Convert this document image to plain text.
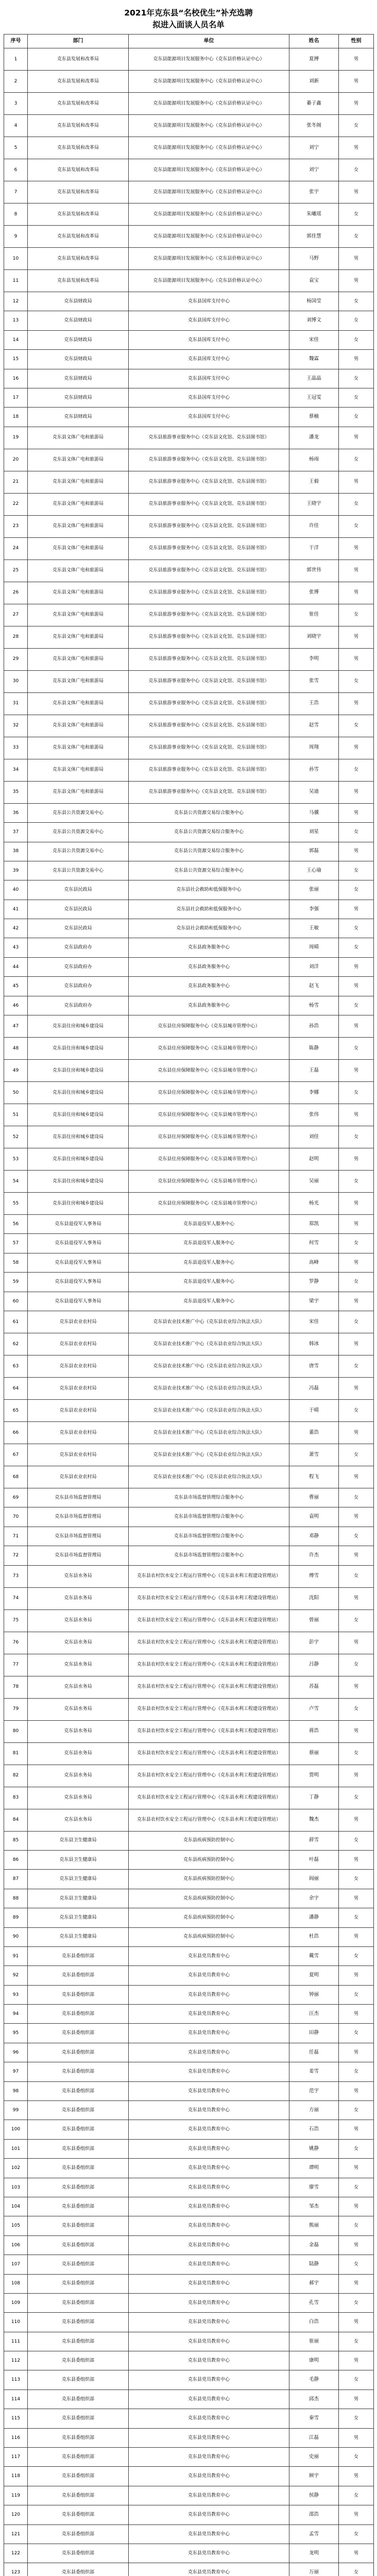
2021年克东县“名校优生”补充选聘
拟进入面谈人员名单
序号	部门	单位	姓名	性别
1	克东县发展和改革局	克东县能源项目发展服务中心（克东县价格认证中心）	夏搏	男
2	克东县发展和改革局	克东县能源项目发展服务中心（克东县价格认证中心）	刘新	男
3	克东县发展和改革局	克东县能源项目发展服务中心（克东县价格认证中心）	綦子鑫	男
4	克东县发展和改革局	克东县能源项目发展服务中心（克东县价格认证中心）	张冬阁	女
5	克东县发展和改革局	克东县能源项目发展服务中心（克东县价格认证中心）	刘宁	男
6	克东县发展和改革局	克东县能源项目发展服务中心（克东县价格认证中心）	刘宁	女
7	克东县发展和改革局	克东县能源项目发展服务中心（克东县价格认证中心）	张宇	男
8	克东县发展和改革局	克东县能源项目发展服务中心（克东县价格认证中心）	朱曦瑶	女
9	克东县发展和改革局	克东县能源项目发展服务中心（克东县价格认证中心）	郭佳慧	女
10	克东县发展和改革局	克东县能源项目发展服务中心（克东县价格认证中心）	马野	男
11	克东县发展和改革局	克东县能源项目发展服务中心（克东县价格认证中心）	袁宝	男
12	克东县财政局	克东县国库支付中心	杨国莹	女
13	克东县财政局	克东县国库支付中心	刘博文	女
14	克东县财政局	克东县国库支付中心	宋佳	女
15	克东县财政局	克东县国库支付中心	魏霖	男
16	克东县财政局	克东县国库支付中心	王晶晶	女
17	克东县财政局	克东县国库支付中心	王冠雯	女
18	克东县财政局	克东县国库支付中心	蔡楠	女
19	克东县文体广电和旅游局	克东县旅游事业服务中心（克东县文化馆、克东县图书馆）	潘龙	男
20	克东县文体广电和旅游局	克东县旅游事业服务中心（克东县文化馆、克东县图书馆）	杨雨	女
21	克东县文体广电和旅游局	克东县旅游事业服务中心（克东县文化馆、克东县图书馆）	王毅	男
22	克东县文体广电和旅游局	克东县旅游事业服务中心（克东县文化馆、克东县图书馆）	王晓宇	女
23	克东县文体广电和旅游局	克东县旅游事业服务中心（克东县文化馆、克东县图书馆）	许佳	女
24	克东县文体广电和旅游局	克东县旅游事业服务中心（克东县文化馆、克东县图书馆）	于洋	男
25	克东县文体广电和旅游局	克东县旅游事业服务中心（克东县文化馆、克东县图书馆）	郭世伟	男
26	克东县文体广电和旅游局	克东县旅游事业服务中心（克东县文化馆、克东县图书馆）	张博	男
27	克东县文体广电和旅游局	克东县旅游事业服务中心（克东县文化馆、克东县图书馆）	崔佳	女
28	克东县文体广电和旅游局	克东县旅游事业服务中心（克东县文化馆、克东县图书馆）	刘晓宇	男
29	克东县文体广电和旅游局	克东县旅游事业服务中心（克东县文化馆、克东县图书馆）	李明	男
30	克东县文体广电和旅游局	克东县旅游事业服务中心（克东县文化馆、克东县图书馆）	张雪	女
31	克东县文体广电和旅游局	克东县旅游事业服务中心（克东县文化馆、克东县图书馆）	王浩	男
32	克东县文体广电和旅游局	克东县旅游事业服务中心（克东县文化馆、克东县图书馆）	赵雪	女
33	克东县文体广电和旅游局	克东县旅游事业服务中心（克东县文化馆、克东县图书馆）	周翔	男
34	克东县文体广电和旅游局	克东县旅游事业服务中心（克东县文化馆、克东县图书馆）	孙雪	女
35	克东县文体广电和旅游局	克东县旅游事业服务中心（克东县文化馆、克东县图书馆）	吴迪	男
36	克东县公共资源交易中心	克东县公共资源交易综合服务中心	马骥	男
37	克东县公共资源交易中心	克东县公共资源交易综合服务中心	刘星	女
38	克东县公共资源交易中心	克东县公共资源交易综合服务中心	郭磊	男
39	克东县公共资源交易中心	克东县公共资源交易综合服务中心	王心瑜	女
40	克东县民政局	克东县社会救助和低保服务中心	张丽	女
41	克东县民政局	克东县社会救助和低保服务中心	李强	男
42	克东县民政局	克东县社会救助和低保服务中心	王敏	女
43	克东县政府办	克东县政务服务中心	周晴	女
44	克东县政府办	克东县政务服务中心	刘洋	男
45	克东县政府办	克东县政务服务中心	赵飞	男
46	克东县政府办	克东县政务服务中心	杨雪	女
47	克东县住房和城乡建设局	克东县住房保障服务中心（克东县城市管理中心）	孙浩	男
48	克东县住房和城乡建设局	克东县住房保障服务中心（克东县城市管理中心）	陈静	女
49	克东县住房和城乡建设局	克东县住房保障服务中心（克东县城市管理中心）	王磊	男
50	克东县住房和城乡建设局	克东县住房保障服务中心（克东县城市管理中心）	李娜	女
51	克东县住房和城乡建设局	克东县住房保障服务中心（克东县城市管理中心）	张伟	男
52	克东县住房和城乡建设局	克东县住房保障服务中心（克东县城市管理中心）	刘佳	女
53	克东县住房和城乡建设局	克东县住房保障服务中心（克东县城市管理中心）	赵明	男
54	克东县住房和城乡建设局	克东县住房保障服务中心（克东县城市管理中心）	吴丽	女
55	克东县住房和城乡建设局	克东县住房保障服务中心（克东县城市管理中心）	杨光	男
56	克东县退役军人事务局	克东县退役军人服务中心	郑凯	男
57	克东县退役军人事务局	克东县退役军人服务中心	何雪	女
58	克东县退役军人事务局	克东县退役军人服务中心	高峰	男
59	克东县退役军人事务局	克东县退役军人服务中心	罗静	女
60	克东县退役军人事务局	克东县退役军人服务中心	梁宇	男
61	克东县农业农村局	克东县农业技术推广中心（克东县农业综合执法大队）	宋佳	女
62	克东县农业农村局	克东县农业技术推广中心（克东县农业综合执法大队）	韩冰	男
63	克东县农业农村局	克东县农业技术推广中心（克东县农业综合执法大队）	唐雪	女
64	克东县农业农村局	克东县农业技术推广中心（克东县农业综合执法大队）	冯磊	男
65	克东县农业农村局	克东县农业技术推广中心（克东县农业综合执法大队）	于晴	女
66	克东县农业农村局	克东县农业技术推广中心（克东县农业综合执法大队）	董浩	男
67	克东县农业农村局	克东县农业技术推广中心（克东县农业综合执法大队）	萧雪	女
68	克东县农业农村局	克东县农业技术推广中心（克东县农业综合执法大队）	程飞	男
69	克东县市场监督管理局	克东县市场监督管理综合服务中心	曹丽	女
70	克东县市场监督管理局	克东县市场监督管理综合服务中心	袁明	男
71	克东县市场监督管理局	克东县市场监督管理综合服务中心	邓静	女
72	克东县市场监督管理局	克东县市场监督管理综合服务中心	许杰	男
73	克东县水务局	克东县农村饮水安全工程运行管理中心（克东县水利工程建设管理站）	傅雪	女
74	克东县水务局	克东县农村饮水安全工程运行管理中心（克东县水利工程建设管理站）	沈阳	男
75	克东县水务局	克东县农村饮水安全工程运行管理中心（克东县水利工程建设管理站）	曾丽	女
76	克东县水务局	克东县农村饮水安全工程运行管理中心（克东县水利工程建设管理站）	彭宇	男
77	克东县水务局	克东县农村饮水安全工程运行管理中心（克东县水利工程建设管理站）	吕静	女
78	克东县水务局	克东县农村饮水安全工程运行管理中心（克东县水利工程建设管理站）	苏磊	男
79	克东县水务局	克东县农村饮水安全工程运行管理中心（克东县水利工程建设管理站）	卢雪	女
80	克东县水务局	克东县农村饮水安全工程运行管理中心（克东县水利工程建设管理站）	蒋浩	男
81	克东县水务局	克东县农村饮水安全工程运行管理中心（克东县水利工程建设管理站）	蔡丽	女
82	克东县水务局	克东县农村饮水安全工程运行管理中心（克东县水利工程建设管理站）	贾明	男
83	克东县水务局	克东县农村饮水安全工程运行管理中心（克东县水利工程建设管理站）	丁静	女
84	克东县水务局	克东县农村饮水安全工程运行管理中心（克东县水利工程建设管理站）	魏杰	男
85	克东县卫生健康局	克东县疾病预防控制中心	薛雪	女
86	克东县卫生健康局	克东县疾病预防控制中心	叶磊	男
87	克东县卫生健康局	克东县疾病预防控制中心	阎丽	女
88	克东县卫生健康局	克东县疾病预防控制中心	余宇	男
89	克东县卫生健康局	克东县疾病预防控制中心	潘静	女
90	克东县卫生健康局	克东县疾病预防控制中心	杜浩	男
91	克东县委组织部	克东县党员教育中心	戴雪	女
92	克东县委组织部	克东县党员教育中心	夏明	男
93	克东县委组织部	克东县党员教育中心	钟丽	女
94	克东县委组织部	克东县党员教育中心	汪杰	男
95	克东县委组织部	克东县党员教育中心	田静	女
96	克东县委组织部	克东县党员教育中心	任磊	男
97	克东县委组织部	克东县党员教育中心	姜雪	女
98	克东县委组织部	克东县党员教育中心	范宇	男
99	克东县委组织部	克东县党员教育中心	方丽	女
100	克东县委组织部	克东县党员教育中心	石浩	男
101	克东县委组织部	克东县党员教育中心	姚静	女
102	克东县委组织部	克东县党员教育中心	谭明	男
103	克东县委组织部	克东县党员教育中心	廖雪	女
104	克东县委组织部	克东县党员教育中心	邹杰	男
105	克东县委组织部	克东县党员教育中心	熊丽	女
106	克东县委组织部	克东县党员教育中心	金磊	男
107	克东县委组织部	克东县党员教育中心	陆静	女
108	克东县委组织部	克东县党员教育中心	郝宇	男
109	克东县委组织部	克东县党员教育中心	孔雪	女
110	克东县委组织部	克东县党员教育中心	白浩	男
111	克东县委组织部	克东县党员教育中心	崔丽	女
112	克东县委组织部	克东县党员教育中心	康明	男
113	克东县委组织部	克东县党员教育中心	毛静	女
114	克东县委组织部	克东县党员教育中心	邱杰	男
115	克东县委组织部	克东县党员教育中心	秦雪	女
116	克东县委组织部	克东县党员教育中心	江磊	男
117	克东县委组织部	克东县党员教育中心	史丽	女
118	克东县委组织部	克东县党员教育中心	顾宇	男
119	克东县委组织部	克东县党员教育中心	侯静	女
120	克东县委组织部	克东县党员教育中心	邵浩	男
121	克东县委组织部	克东县党员教育中心	孟雪	女
122	克东县委组织部	克东县党员教育中心	龙明	男
123	克东县委组织部	克东县党员教育中心	万丽	女
